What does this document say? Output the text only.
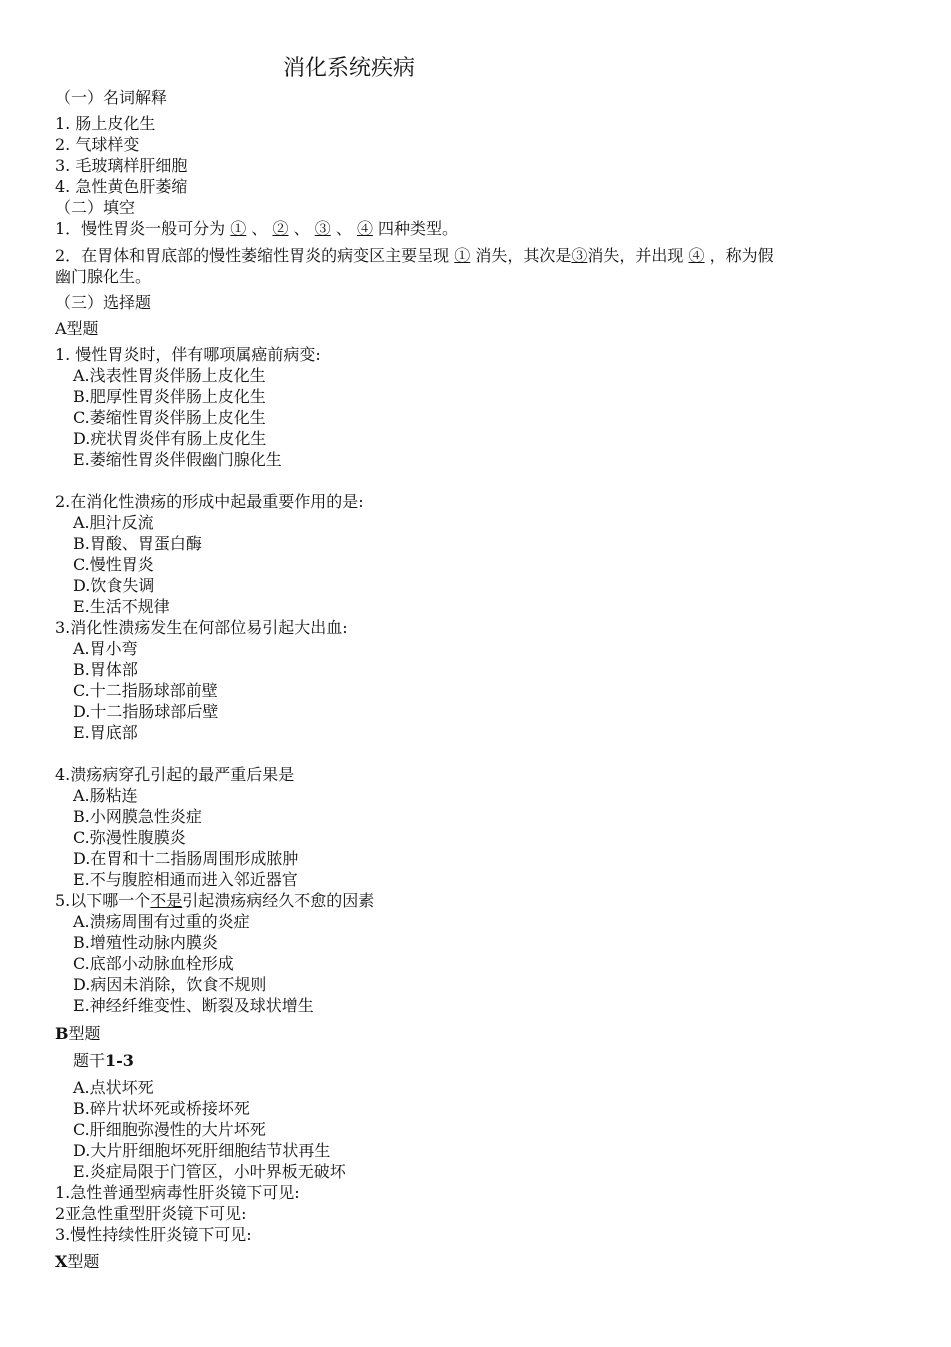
消化系统疾病
（一）名词解释
1. 肠上皮化生
2. 气球样变
3. 毛玻璃样肝细胞
4. 急性黄色肝萎缩
（二）填空
1．慢性胃炎一般可分为 ① 、 ② 、 ③ 、 ④ 四种类型。
2．在胃体和胃底部的慢性萎缩性胃炎的病变区主要呈现 ① 消失，其次是③消失，并出现 ④ ，称为假
幽门腺化生。
（三）选择题
A型题
1. 慢性胃炎时，伴有哪项属癌前病变:
A.浅表性胃炎伴肠上皮化生
B.肥厚性胃炎伴肠上皮化生
C.萎缩性胃炎伴肠上皮化生
D.疣状胃炎伴有肠上皮化生
E.萎缩性胃炎伴假幽门腺化生
2.在消化性溃疡的形成中起最重要作用的是:
A.胆汁反流
B.胃酸、胃蛋白酶
C.慢性胃炎
D.饮食失调
E.生活不规律
3.消化性溃疡发生在何部位易引起大出血:
A.胃小弯
B.胃体部
C.十二指肠球部前壁
D.十二指肠球部后壁
E.胃底部
4.溃疡病穿孔引起的最严重后果是
A.肠粘连
B.小网膜急性炎症
C.弥漫性腹膜炎
D.在胃和十二指肠周围形成脓肿
E.不与腹腔相通而进入邻近器官
5.以下哪一个不是引起溃疡病经久不愈的因素
A.溃疡周围有过重的炎症
B.增殖性动脉内膜炎
C.底部小动脉血栓形成
D.病因未消除，饮食不规则
E.神经纤维变性、断裂及球状增生
B型题
题干1-3
A.点状坏死
B.碎片状坏死或桥接坏死
C.肝细胞弥漫性的大片坏死
D.大片肝细胞坏死肝细胞结节状再生
E.炎症局限于门管区，小叶界板无破坏
1.急性普通型病毒性肝炎镜下可见:
2亚急性重型肝炎镜下可见:
3.慢性持续性肝炎镜下可见:
X型题
